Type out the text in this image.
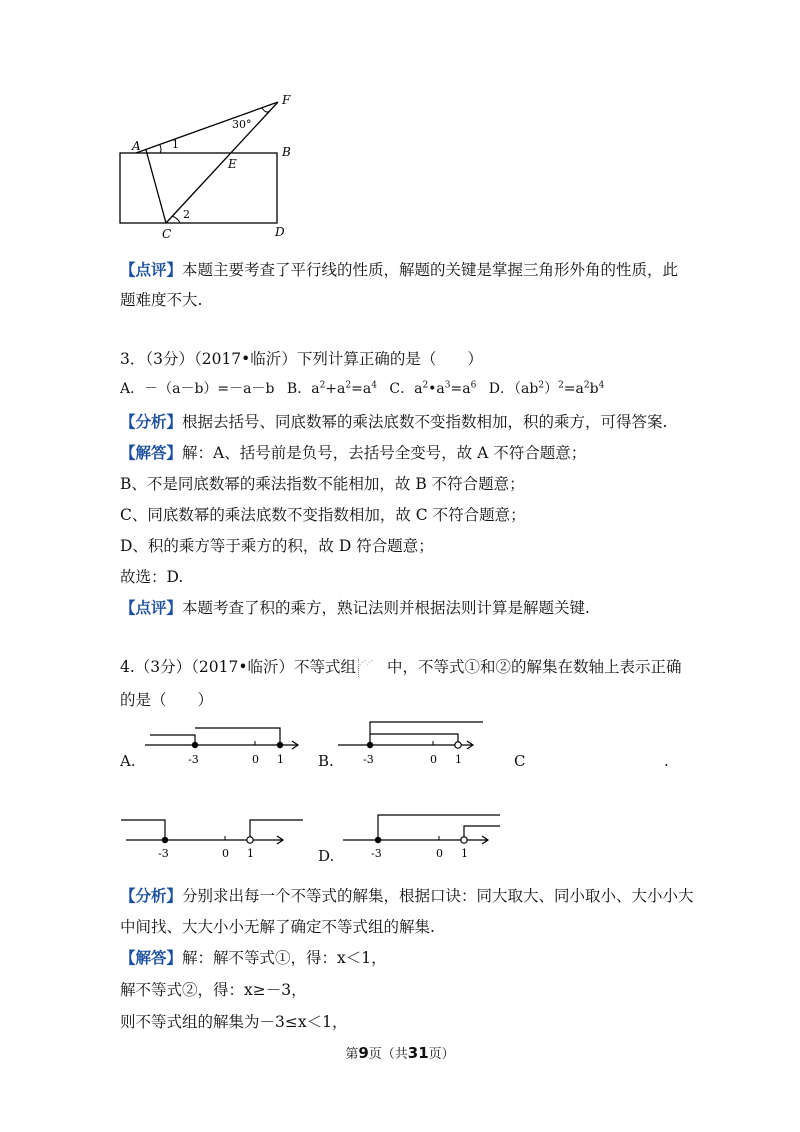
A	B
C	D
E
F
1
2
30°
【点评】本题主要考查了平行线的性质，解题的关键是掌握三角形外角的性质，此
题难度不大.
3．（3分）（2017•临沂）下列计算正确的是（　　）
A．－（a－b）=－a－b B．$a^2+a^2=a^4$ C．$a^2•a^3=a^6$ D．$(ab^2)^2=a^2b^4$
【分析】根据去括号、同底数幂的乘法底数不变指数相加，积的乘方，可得答案.
【解答】解：A、括号前是负号，去括号全变号，故 A 不符合题意；
B、不是同底数幂的乘法指数不能相加，故 B 不符合题意；
C、同底数幂的乘法底数不变指数相加，故 C 不符合题意；
D、积的乘方等于乘方的积，故 D 符合题意；
故选：D.
【点评】本题考查了积的乘方，熟记法则并根据法则计算是解题关键.
4.（3分）（2017•临沂）不等式组 ⋰⋰ 中，不等式①和②的解集在数轴上表示正确
的是（　　）
A.	-3	0 1 B.	-3	0 1	C	.
-3	0 1	D.	-3	0 1
【分析】分别求出每一个不等式的解集，根据口诀：同大取大、同小取小、大小小大
中间找、大大小小无解了确定不等式组的解集.
【解答】解：解不等式①，得：x＜1，
解不等式②，得：x≥－3，
则不等式组的解集为－3≤x＜1，
第9页（共31页）
